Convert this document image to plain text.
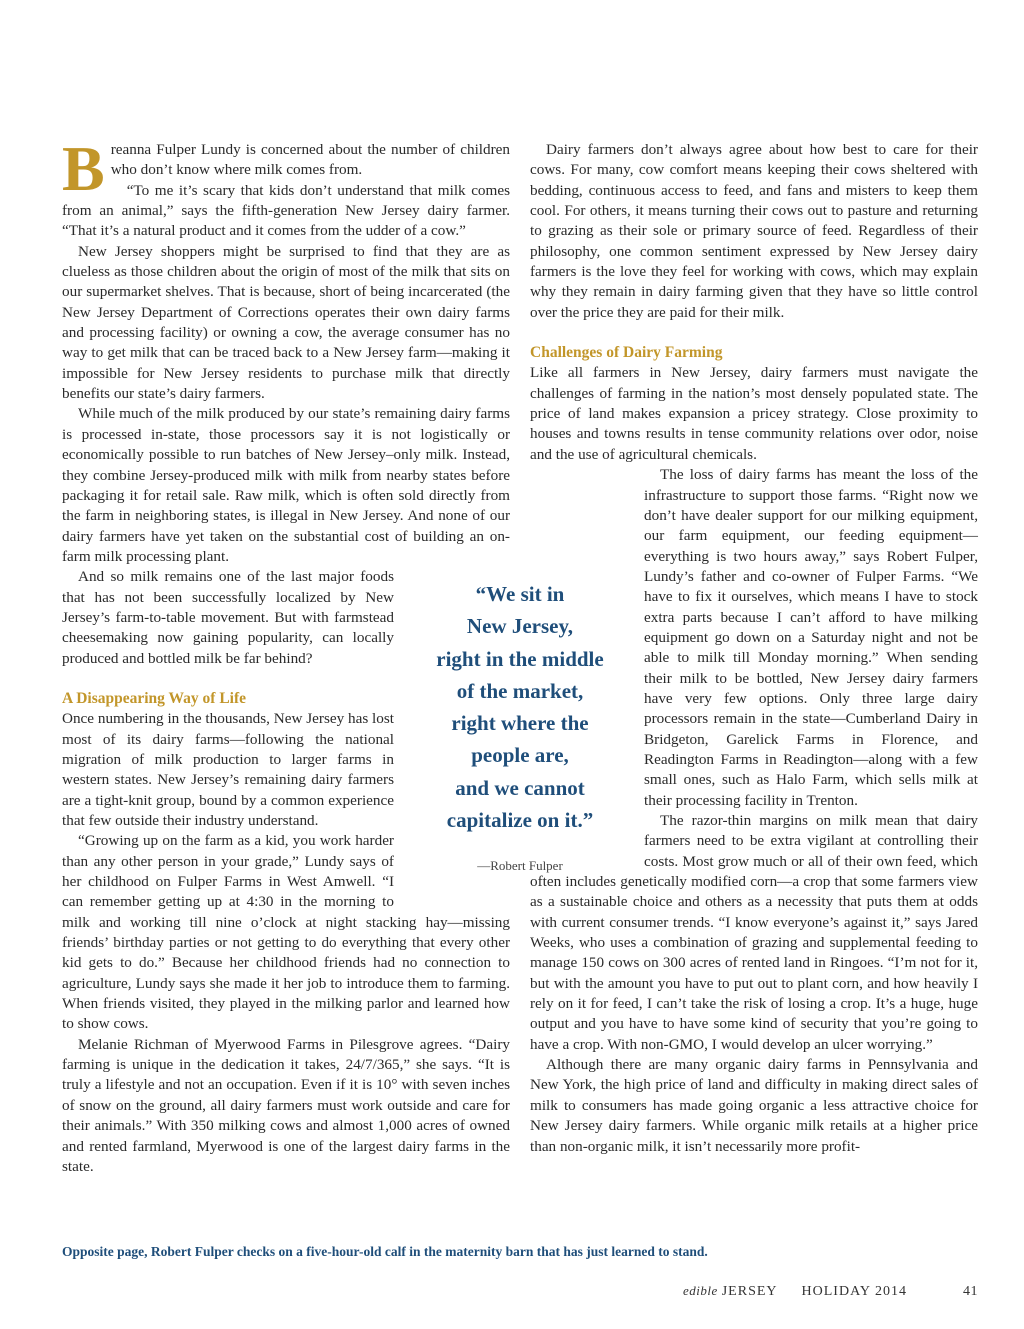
Breanna Fulper Lundy is concerned about the number of children who don’t know where milk comes from.

“To me it’s scary that kids don’t understand that milk comes from an animal,” says the fifth-generation New Jersey dairy farmer. “That it’s a natural product and it comes from the udder of a cow.”

New Jersey shoppers might be surprised to find that they are as clueless as those children about the origin of most of the milk that sits on our supermarket shelves. That is because, short of being incarcerated (the New Jersey Department of Corrections operates their own dairy farms and processing facility) or owning a cow, the average consumer has no way to get milk that can be traced back to a New Jersey farm—making it impossible for New Jersey residents to purchase milk that directly benefits our state’s dairy farmers.

While much of the milk produced by our state’s remaining dairy farms is processed in-state, those processors say it is not logistically or economically possible to run batches of New Jersey–only milk. Instead, they combine Jersey-produced milk with milk from nearby states before packaging it for retail sale. Raw milk, which is often sold directly from the farm in neighboring states, is illegal in New Jersey. And none of our dairy farmers have yet taken on the substantial cost of building an on-farm milk processing plant.

And so milk remains one of the last major foods that has not been successfully localized by New Jersey’s farm-to-table movement. But with farmstead cheesemaking now gaining popularity, can locally produced and bottled milk be far behind?

A Disappearing Way of Life

Once numbering in the thousands, New Jersey has lost most of its dairy farms—following the national migration of milk production to larger farms in western states. New Jersey’s remaining dairy farmers are a tight-knit group, bound by a common experience that few outside their industry understand.

“Growing up on the farm as a kid, you work harder than any other person in your grade,” Lundy says of her childhood on Fulper Farms in West Amwell. “I can remember getting up at 4:30 in the morning to milk and working till nine o’clock at night stacking hay—missing friends’ birthday parties or not getting to do everything that every other kid gets to do.” Because her childhood friends had no connection to agriculture, Lundy says she made it her job to introduce them to farming. When friends visited, they played in the milking parlor and learned how to show cows.

Melanie Richman of Myerwood Farms in Pilesgrove agrees. “Dairy farming is unique in the dedication it takes, 24/7/365,” she says. “It is truly a lifestyle and not an occupation. Even if it is 10° with seven inches of snow on the ground, all dairy farmers must work outside and care for their animals.” With 350 milking cows and almost 1,000 acres of owned and rented farmland, Myerwood is one of the largest dairy farms in the state.

“We sit in
New Jersey,
right in the middle
of the market,
right where the
people are,
and we cannot
capitalize on it.”
—Robert Fulper

Dairy farmers don’t always agree about how best to care for their cows. For many, cow comfort means keeping their cows sheltered with bedding, continuous access to feed, and fans and misters to keep them cool. For others, it means turning their cows out to pasture and returning to grazing as their sole or primary source of feed. Regardless of their philosophy, one common sentiment expressed by New Jersey dairy farmers is the love they feel for working with cows, which may explain why they remain in dairy farming given that they have so little control over the price they are paid for their milk.

Challenges of Dairy Farming

Like all farmers in New Jersey, dairy farmers must navigate the challenges of farming in the nation’s most densely populated state. The price of land makes expansion a pricey strategy. Close proximity to houses and towns results in tense community relations over odor, noise and the use of agricultural chemicals.

The loss of dairy farms has meant the loss of the infrastructure to support those farms. “Right now we don’t have dealer support for our milking equipment, our farm equipment, our feeding equipment—everything is two hours away,” says Robert Fulper, Lundy’s father and co-owner of Fulper Farms. “We have to fix it ourselves, which means I have to stock extra parts because I can’t afford to have milking equipment go down on a Saturday night and not be able to milk till Monday morning.” When sending their milk to be bottled, New Jersey dairy farmers have very few options. Only three large dairy processors remain in the state—Cumberland Dairy in Bridgeton, Garelick Farms in Florence, and Readington Farms in Readington—along with a few small ones, such as Halo Farm, which sells milk at their processing facility in Trenton.

The razor-thin margins on milk mean that dairy farmers need to be extra vigilant at controlling their costs. Most grow much or all of their own feed, which often includes genetically modified corn—a crop that some farmers view as a sustainable choice and others as a necessity that puts them at odds with current consumer trends. “I know everyone’s against it,” says Jared Weeks, who uses a combination of grazing and supplemental feeding to manage 150 cows on 300 acres of rented land in Ringoes. “I’m not for it, but with the amount you have to put out to plant corn, and how heavily I rely on it for feed, I can’t take the risk of losing a crop. It’s a huge, huge output and you have to have some kind of security that you’re going to have a crop. With non-GMO, I would develop an ulcer worrying.”

Although there are many organic dairy farms in Pennsylvania and New York, the high price of land and difficulty in making direct sales of milk to consumers has made going organic a less attractive choice for New Jersey dairy farmers. While organic milk retails at a higher price than non-organic milk, it isn’t necessarily more profit-

Opposite page, Robert Fulper checks on a five-hour-old calf in the maternity barn that has just learned to stand.
edible JERSEY HOLIDAY 2014	41
